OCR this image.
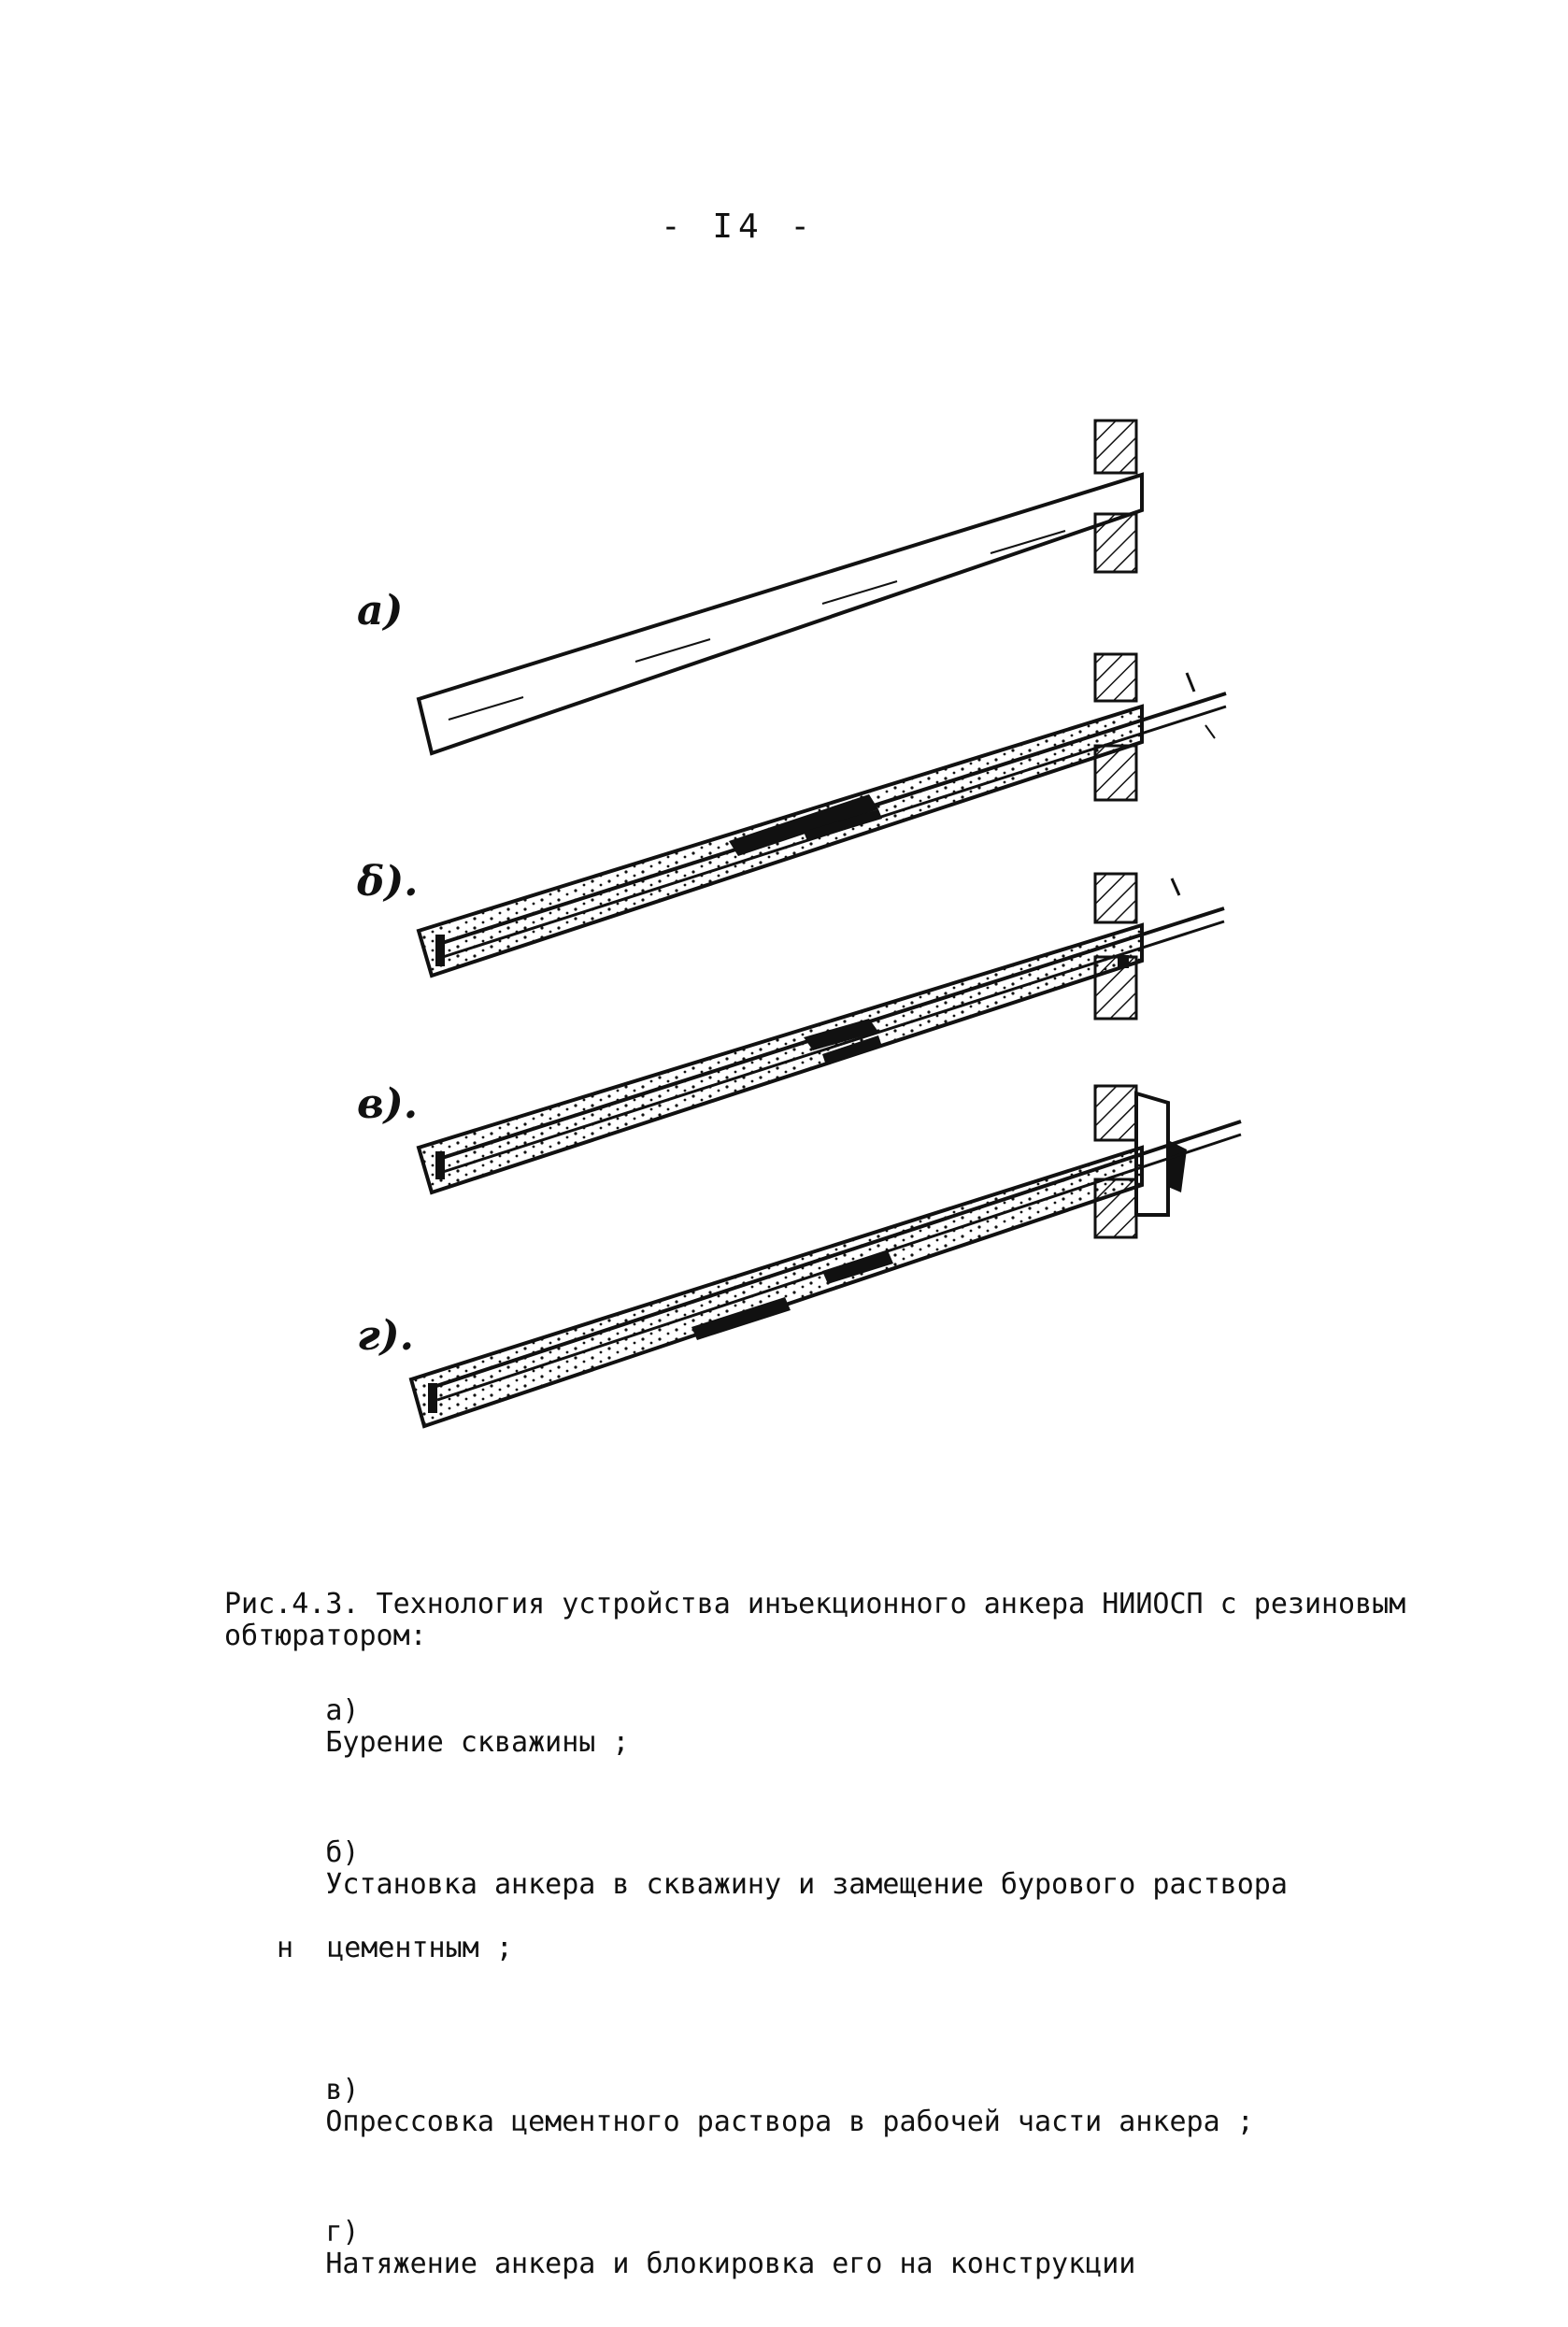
- I4 -
а)
δ).
в).
г).
Рис.4.3. Технология устройства инъекционного анкера НИИОСП с резиновым обтюратором:

а)
Бурение скважины ;

б)
Установка анкера в скважину и замещение бурового раствора

н  цементным ;

в)
Опрессовка цементного раствора в рабочей части анкера ;

г)
Натяжение анкера и блокировка его на конструкции
